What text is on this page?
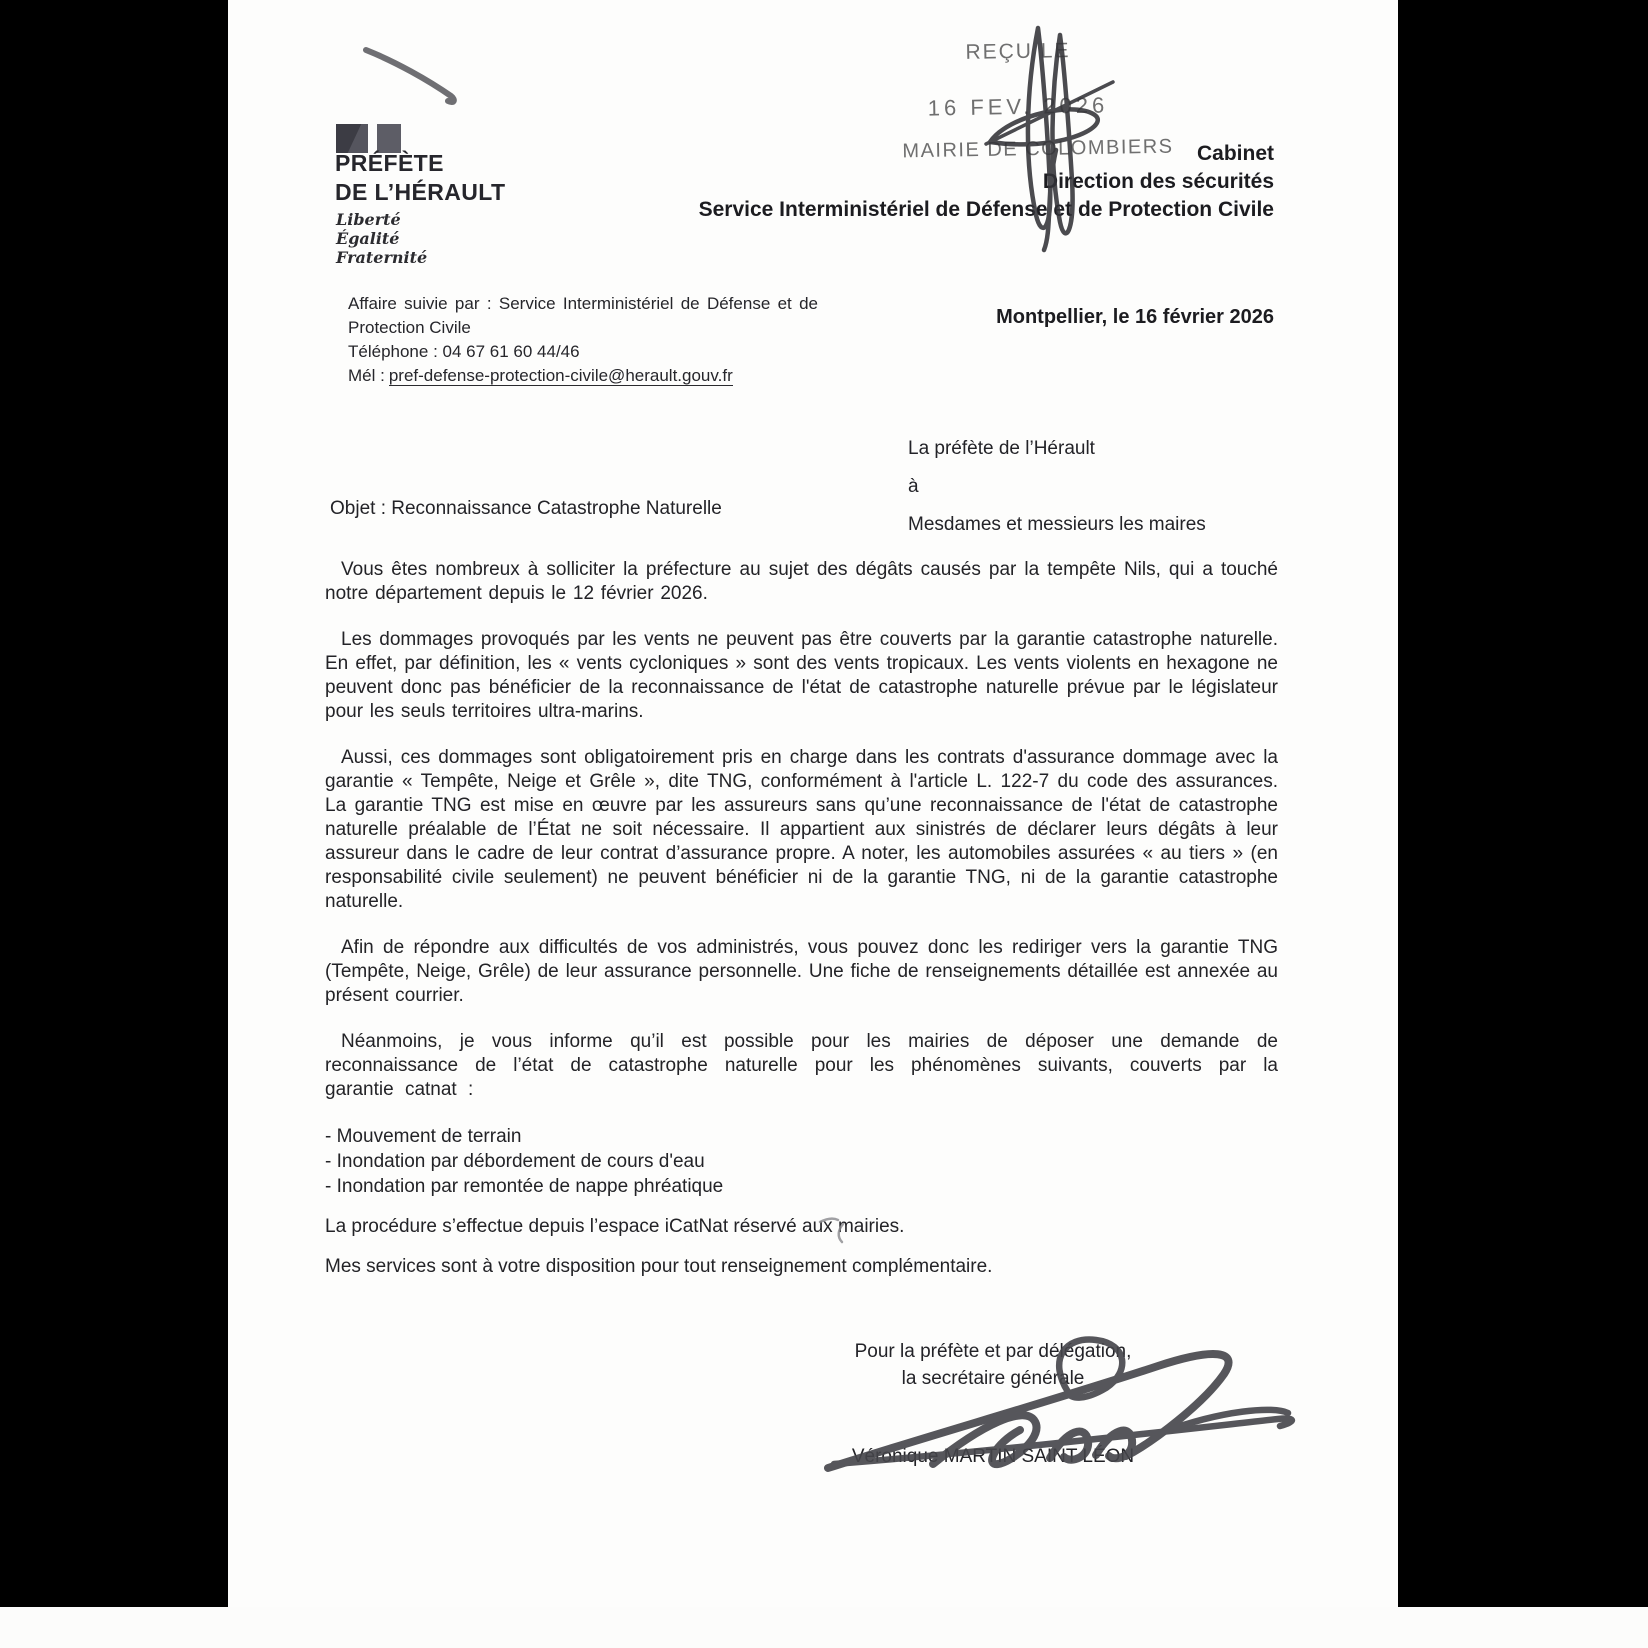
PRÉFÈTE
DE L’HÉRAULT
Liberté
Égalité
Fraternité
REÇU LE
16 FEV. 2026
MAIRIE DE COLOMBIERS	Cabinet
Direction des sécurités
Service Interministériel de Défense et de Protection Civile
Affaire suivie par : Service Interministériel de Défense et de Protection Civile
Téléphone : 04 67 61 60 44/46
Mél : pref-defense-protection-civile@herault.gouv.fr
Montpellier, le 16 février 2026
La préfète de l’Hérault
à
Mesdames et messieurs les maires
Objet : Reconnaissance Catastrophe Naturelle

Vous êtes nombreux à solliciter la préfecture au sujet des dégâts causés par la tempête Nils, qui a touché notre département depuis le 12 février 2026.

Les dommages provoqués par les vents ne peuvent pas être couverts par la garantie catastrophe naturelle. En effet, par définition, les « vents cycloniques » sont des vents tropicaux. Les vents violents en hexagone ne peuvent donc pas bénéficier de la reconnaissance de l'état de catastrophe naturelle prévue par le législateur pour les seuls territoires ultra-marins.

Aussi, ces dommages sont obligatoirement pris en charge dans les contrats d'assurance dommage avec la garantie « Tempête, Neige et Grêle », dite TNG, conformément à l'article L. 122-7 du code des assurances. La garantie TNG est mise en œuvre par les assureurs sans qu’une reconnaissance de l'état de catastrophe naturelle préalable de l’État ne soit nécessaire. Il appartient aux sinistrés de déclarer leurs dégâts à leur assureur dans le cadre de leur contrat d’assurance propre. A noter, les automobiles assurées « au tiers » (en responsabilité civile seulement) ne peuvent bénéficier ni de la garantie TNG, ni de la garantie catastrophe naturelle.

Afin de répondre aux difficultés de vos administrés, vous pouvez donc les rediriger vers la garantie TNG (Tempête, Neige, Grêle) de leur assurance personnelle. Une fiche de renseignements détaillée est annexée au présent courrier.

Néanmoins, je vous informe qu’il est possible pour les mairies de déposer une demande de reconnaissance de l’état de catastrophe naturelle pour les phénomènes suivants, couverts par la garantie catnat :

- Mouvement de terrain
- Inondation par débordement de cours d'eau
- Inondation par remontée de nappe phréatique
La procédure s’effectue depuis l’espace iCatNat réservé aux mairies.
Mes services sont à votre disposition pour tout renseignement complémentaire.
Pour la préfète et par délégation,
la secrétaire générale
Véronique MARTIN SAINT LÉON
